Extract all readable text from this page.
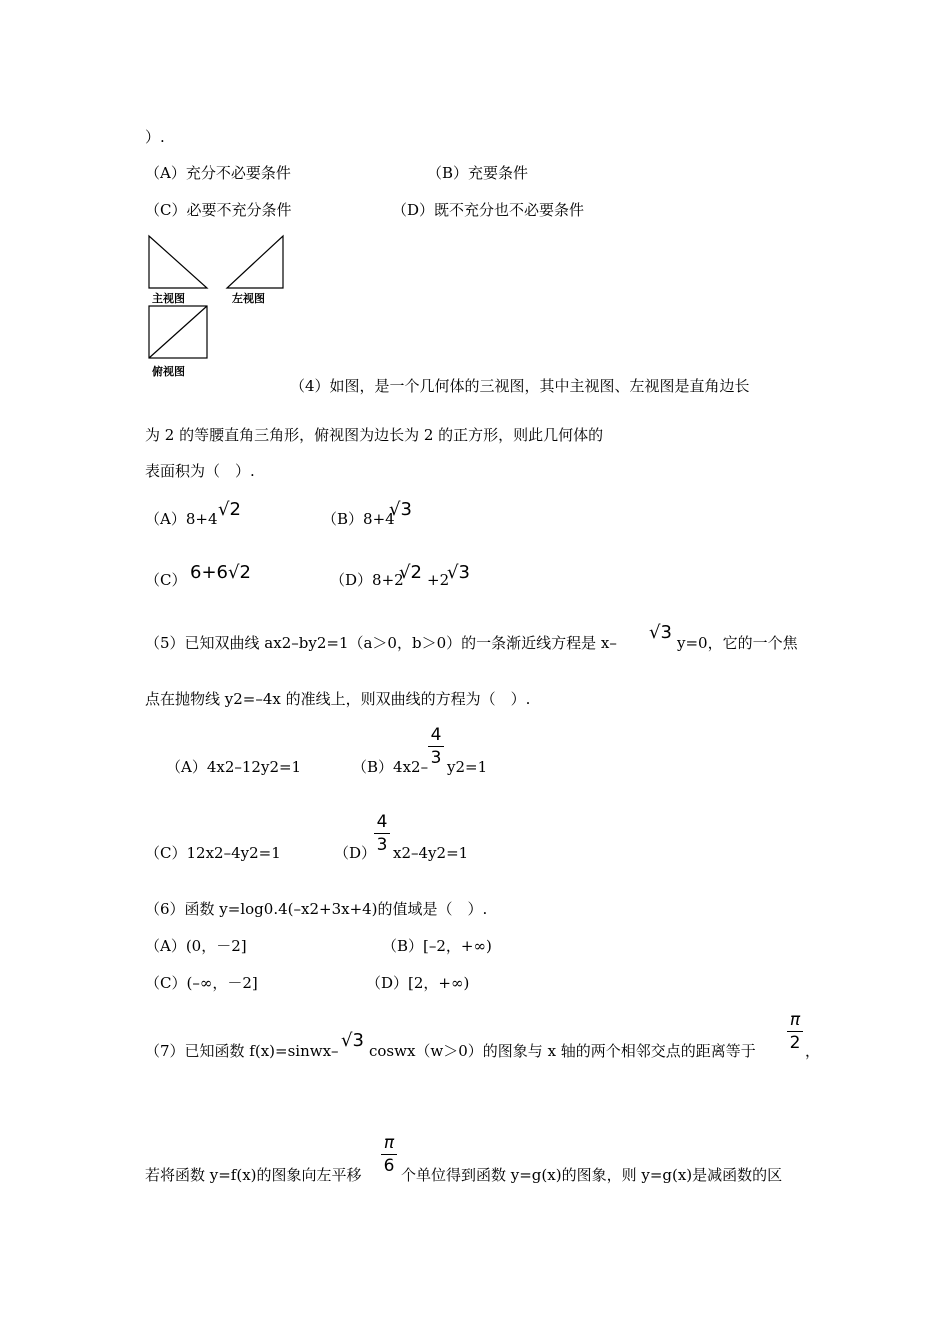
）.
（A）充分不必要条件	（B）充要条件
（C）必要不充分条件	（D）既不充分也不必要条件
主视图	左视图
俯视图
（4）如图，是一个几何体的三视图，其中主视图、左视图是直角边长
为 2 的等腰直角三角形，俯视图为边长为 2 的正方形，则此几何体的
表面积为（　）.
（A）8+4 √2	（B）8+4
√3
（C） 6+6√2	（D）8+2
√2 +2
√3
（5）已知双曲线 ax2–by2=1（a＞0，b＞0）的一条渐近线方程是 x– √3 y=0，它的一个焦
点在抛物线 y2=–4x 的准线上，则双曲线的方程为（　）.
（A）4x2–12y2=1	（B）4x2–
4
3 y2=1
（C）12x2–4y2=1	（D）
4
3 x2–4y2=1
（6）函数 y=log0.4(–x2+3x+4)的值域是（　）.
（A）(0，－2]	（B）[–2，+∞)
（C）(–∞，－2]	（D）[2，+∞)
（7）已知函数 f(x)=sinwx– √3 coswx（w＞0）的图象与 x 轴的两个相邻交点的距离等于
π
2 ，
若将函数 y=f(x)的图象向左平移
π
6 个单位得到函数 y=g(x)的图象，则 y=g(x)是减函数的区
